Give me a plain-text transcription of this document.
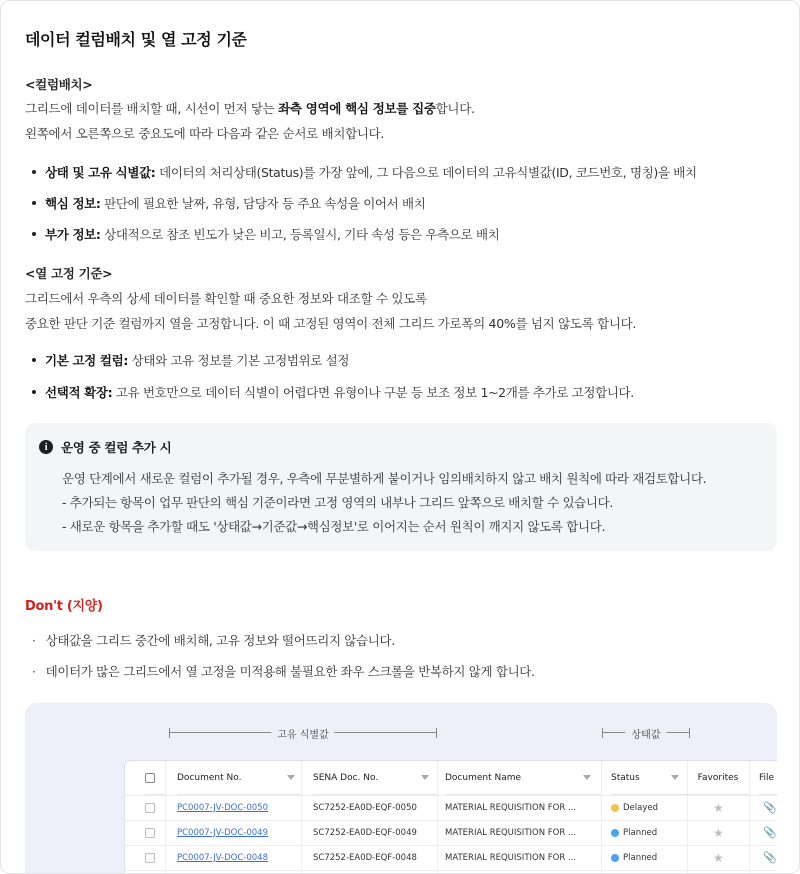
데이터 컬럼배치 및 열 고정 기준
<컬럼배치>
그리드에 데이터를 배치할 때, 시선이 먼저 닿는 좌측 영역에 핵심 정보를 집중합니다.
왼쪽에서 오른쪽으로 중요도에 따라 다음과 같은 순서로 배치합니다.
상태 및 고유 식별값: 데이터의 처리상태(Status)를 가장 앞에, 그 다음으로 데이터의 고유식별값(ID, 코드번호, 명칭)을 배치
핵심 정보: 판단에 필요한 날짜, 유형, 담당자 등 주요 속성을 이어서 배치
부가 정보: 상대적으로 참조 빈도가 낮은 비고, 등록일시, 기타 속성 등은 우측으로 배치
<열 고정 기준>
그리드에서 우측의 상세 데이터를 확인할 때 중요한 정보와 대조할 수 있도록
중요한 판단 기준 컬럼까지 열을 고정합니다. 이 때 고정된 영역이 전체 그리드 가로폭의 40%를 넘지 않도록 합니다.
기본 고정 컬럼: 상태와 고유 정보를 기본 고정범위로 설정
선택적 확장: 고유 번호만으로 데이터 식별이 어렵다면 유형이나 구분 등 보조 정보 1~2개를 추가로 고정합니다.
i	운영 중 컬럼 추가 시
운영 단계에서 새로운 컬럼이 추가될 경우, 우측에 무분별하게 붙이거나 임의배치하지 않고 배치 원칙에 따라 재검토합니다.
- 추가되는 항목이 업무 판단의 핵심 기준이라면 고정 영역의 내부나 그리드 앞쪽으로 배치할 수 있습니다.
- 새로운 항목을 추가할 때도 '상태값→기준값→핵심정보'로 이어지는 순서 원칙이 깨지지 않도록 합니다.
Don't (지양)
· 상태값을 그리드 중간에 배치해, 고유 정보와 떨어뜨리지 않습니다.
· 데이터가 많은 그리드에서 열 고정을 미적용해 불필요한 좌우 스크롤을 반복하지 않게 합니다.
고유 식별값	상태값
Document No.	SENA Doc. No.	Document Name	Status	Favorites File
PC0007-JV-DOC-0050	SC7252-EA0D-EQF-0050	MATERIAL REQUISITION FOR ...	Delayed	★	📎
PC0007-JV-DOC-0049	SC7252-EA0D-EQF-0049	MATERIAL REQUISITION FOR ...	Planned	★	📎
PC0007-JV-DOC-0048	SC7252-EA0D-EQF-0048	MATERIAL REQUISITION FOR ...	Planned	★	📎
